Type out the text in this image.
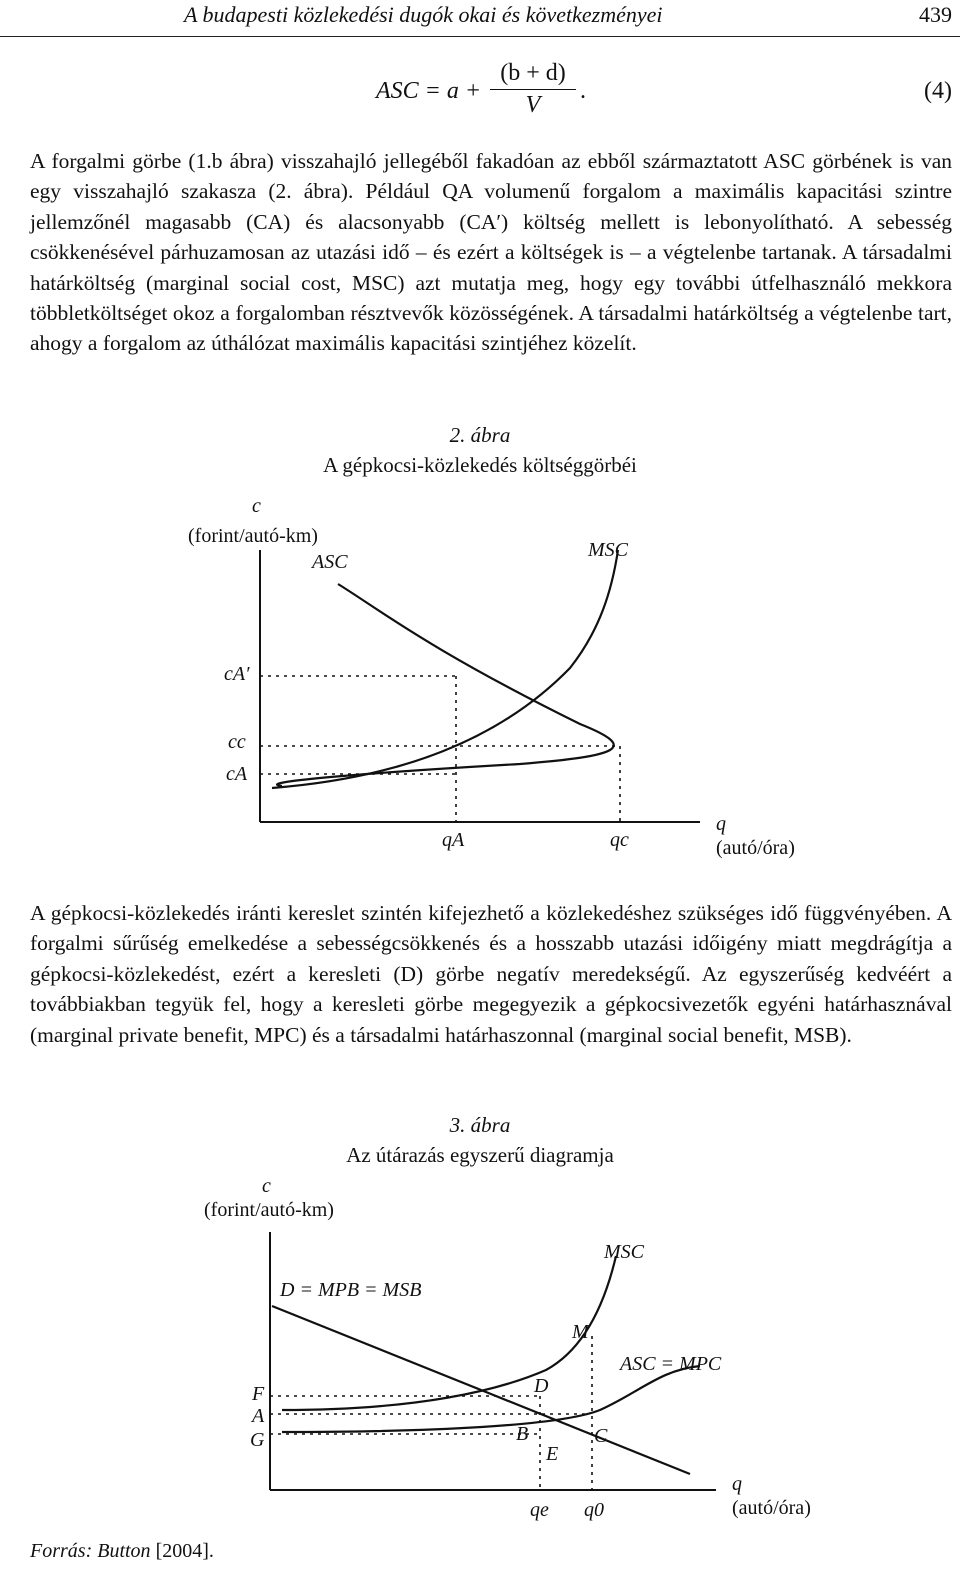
A budapesti közlekedési dugók okai és következményei	439
ASC = $a + \frac{(b + d)}{V}$ .	(4)

A forgalmi görbe (1.b ábra) visszahajló jellegéből fakadóan az ebből származtatott ASC görbének is van egy visszahajló szakasza (2. ábra). Például QA volumenű forgalom a maximális kapacitási szintre jellemzőnél magasabb (CA) és alacsonyabb (CA′) költség mellett is lebonyolítható. A sebesség csökkenésével párhuzamosan az utazási idő – és ezért a költségek is – a végtelenbe tartanak. A társadalmi határköltség (marginal social cost, MSC) azt mutatja meg, hogy egy további útfelhasználó mekkora többletköltséget okoz a forgalomban résztvevők közösségének. A társadalmi határköltség a végtelenbe tart, ahogy a forgalom az úthálózat maximális kapacitási szintjéhez közelít.

2. ábra
A gépkocsi-közlekedés költséggörbéi
c
(forint/autó-km)
q
(autó/óra)
ASC
MSC
cA′
cc
cA
qA	qc

A gépkocsi-közlekedés iránti kereslet szintén kifejezhető a közlekedéshez szükséges idő függvényében. A forgalmi sűrűség emelkedése a sebességcsökkenés és a hosszabb utazási időigény miatt megdrágítja a gépkocsi-közlekedést, ezért a keresleti (D) görbe negatív meredekségű. Az egyszerűség kedvéért a továbbiakban tegyük fel, hogy a keresleti görbe megegyezik a gépkocsivezetők egyéni határhasznával (marginal private benefit, MPC) és a társadalmi határhaszonnal (marginal social benefit, MSB).

3. ábra
Az útárazás egyszerű diagramja
c
(forint/autó-km)
q
(autó/óra)
D = MPB = MSB
MSC
ASC = MPC
M
D
B	C
E
F
A
G
qe q0
Forrás: Button [2004].
